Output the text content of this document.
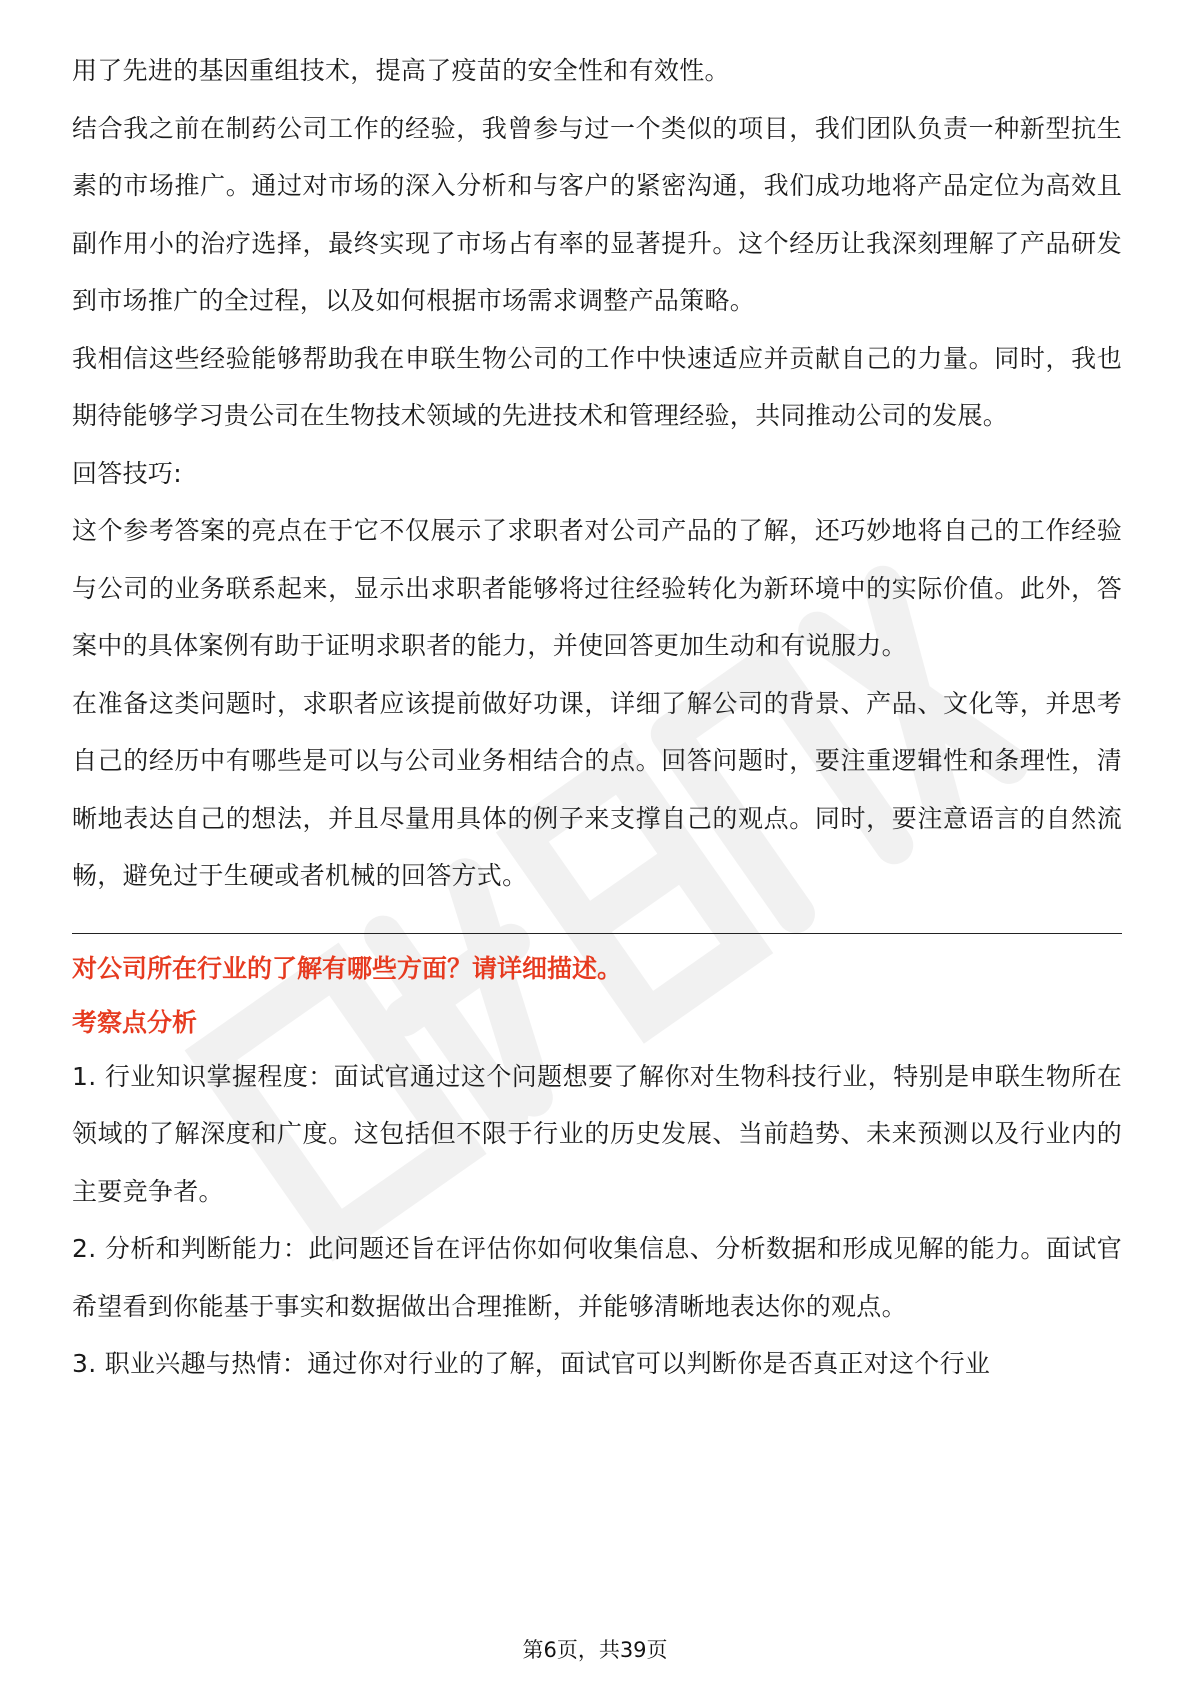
用了先进的基因重组技术，提高了疫苗的安全性和有效性。

结合我之前在制药公司工作的经验，我曾参与过一个类似的项目，我们团队负责一种新型抗生素的市场推广。通过对市场的深入分析和与客户的紧密沟通，我们成功地将产品定位为高效且副作用小的治疗选择，最终实现了市场占有率的显著提升。这个经历让我深刻理解了产品研发到市场推广的全过程，以及如何根据市场需求调整产品策略。

我相信这些经验能够帮助我在申联生物公司的工作中快速适应并贡献自己的力量。同时，我也期待能够学习贵公司在生物技术领域的先进技术和管理经验，共同推动公司的发展。

回答技巧:

这个参考答案的亮点在于它不仅展示了求职者对公司产品的了解，还巧妙地将自己的工作经验与公司的业务联系起来，显示出求职者能够将过往经验转化为新环境中的实际价值。此外，答案中的具体案例有助于证明求职者的能力，并使回答更加生动和有说服力。

在准备这类问题时，求职者应该提前做好功课，详细了解公司的背景、产品、文化等，并思考自己的经历中有哪些是可以与公司业务相结合的点。回答问题时，要注重逻辑性和条理性，清晰地表达自己的想法，并且尽量用具体的例子来支撑自己的观点。同时，要注意语言的自然流畅，避免过于生硬或者机械的回答方式。

对公司所在行业的了解有哪些方面？请详细描述。

考察点分析

1. 行业知识掌握程度：面试官通过这个问题想要了解你对生物科技行业，特别是申联生物所在领域的了解深度和广度。这包括但不限于行业的历史发展、当前趋势、未来预测以及行业内的主要竞争者。

2. 分析和判断能力：此问题还旨在评估你如何收集信息、分析数据和形成见解的能力。面试官希望看到你能基于事实和数据做出合理推断，并能够清晰地表达你的观点。

3. 职业兴趣与热情：通过你对行业的了解，面试官可以判断你是否真正对这个行业

第6页，共39页
